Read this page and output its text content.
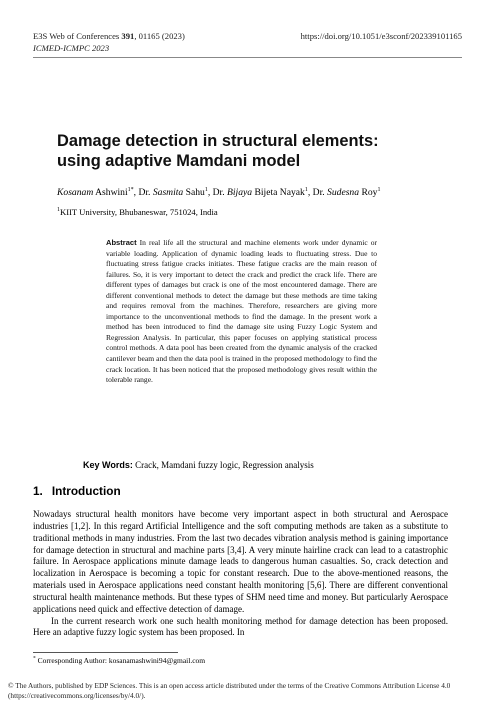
E3S Web of Conferences 391, 01165 (2023)
ICMED-ICMPC 2023
https://doi.org/10.1051/e3sconf/202339101165
Damage detection in structural elements: using adaptive Mamdani model
Kosanam Ashwini$^{1*}$, Dr. Sasmita Sahu$^1$, Dr. Bijaya Bijeta Nayak$^1$, Dr. Sudesna Roy$^1$
$^1$KIIT University, Bhubaneswar, 751024, India

Abstract In real life all the structural and machine elements work under dynamic or variable loading. Application of dynamic loading leads to fluctuating stress. Due to fluctuating stress fatigue cracks initiates. These fatigue cracks are the main reason of failures. So, it is very important to detect the crack and predict the crack life. There are different types of damages but crack is one of the most encountered damage. There are different conventional methods to detect the damage but these methods are time taking and requires removal from the machines. Therefore, researchers are giving more importance to the unconventional methods to find the damage. In the present work a method has been introduced to find the damage site using Fuzzy Logic System and Regression Analysis. In particular, this paper focuses on applying statistical process control methods. A data pool has been created from the dynamic analysis of the cracked cantilever beam and then the data pool is trained in the proposed methodology to find the crack location. It has been noticed that the proposed methodology gives result within the tolerable range.

Key Words: Crack, Mamdani fuzzy logic, Regression analysis
1. Introduction

Nowadays structural health monitors have become very important aspect in both structural and Aerospace industries [1,2]. In this regard Artificial Intelligence and the soft computing methods are taken as a substitute to traditional methods in many industries. From the last two decades vibration analysis method is gaining importance for damage detection in structural and machine parts [3,4]. A very minute hairline crack can lead to a catastrophic failure. In Aerospace applications minute damage leads to dangerous human casualties. So, crack detection and localization in Aerospace is becoming a topic for constant research. Due to the above-mentioned reasons, the materials used in Aerospace applications need constant health monitoring [5,6]. There are different conventional structural health maintenance methods. But these types of SHM need time and money. But particularly Aerospace applications need quick and effective detection of damage.

In the current research work one such health monitoring method for damage detection has been proposed. Here an adaptive fuzzy logic system has been proposed. In

* Corresponding Author: kosanamashwini94@gmail.com

© The Authors, published by EDP Sciences. This is an open access article distributed under the terms of the Creative Commons Attribution License 4.0 (https://creativecommons.org/licenses/by/4.0/).
